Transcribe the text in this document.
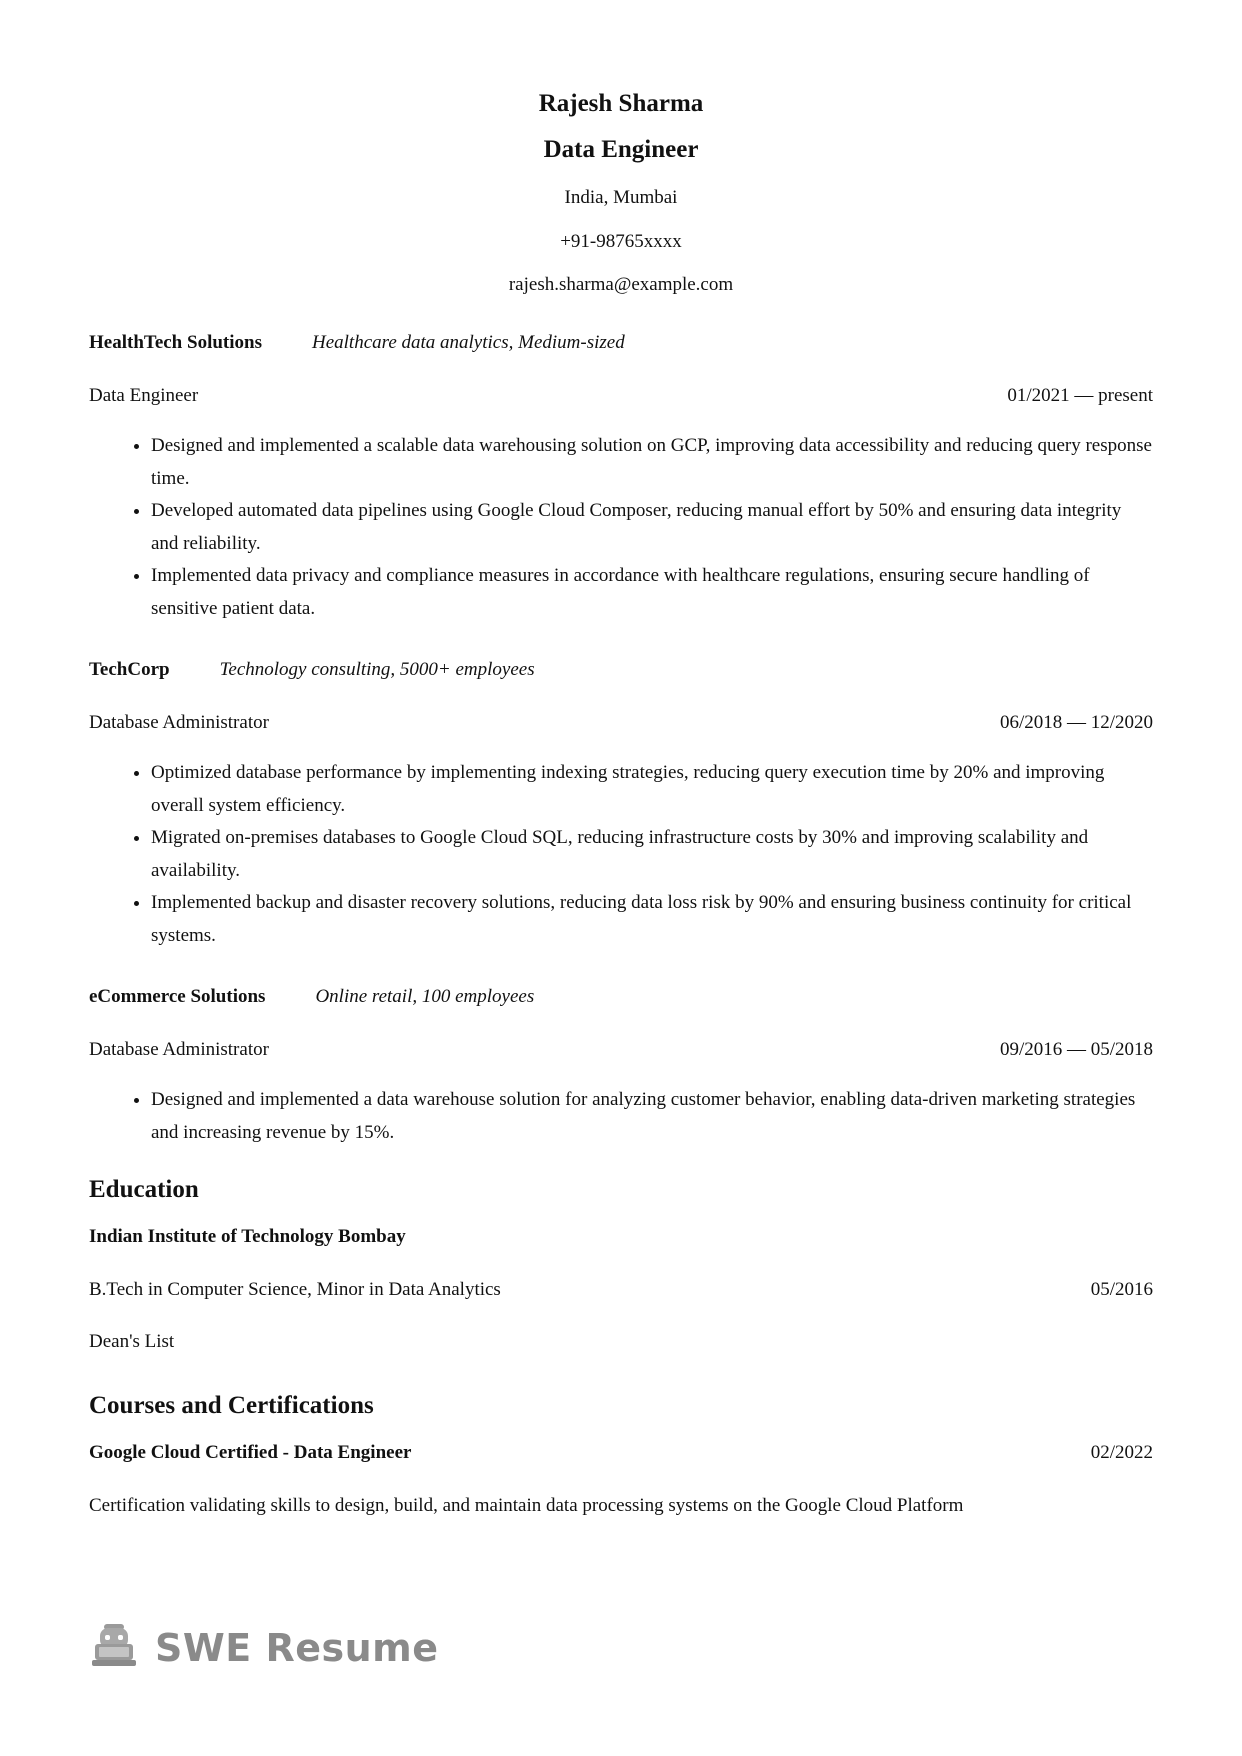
Rajesh Sharma

Data Engineer

India, Mumbai

+91-98765xxxx

rajesh.sharma@example.com

HealthTech Solutions	Healthcare data analytics, Medium-sized
Data Engineer	01/2021 — present
• Designed and implemented a scalable data warehousing solution on GCP, improving data accessibility and reducing query response time.
• Developed automated data pipelines using Google Cloud Composer, reducing manual effort by 50% and ensuring data integrity and reliability.
• Implemented data privacy and compliance measures in accordance with healthcare regulations, ensuring secure handling of sensitive patient data.
TechCorp	Technology consulting, 5000+ employees
Database Administrator	06/2018 — 12/2020
• Optimized database performance by implementing indexing strategies, reducing query execution time by 20% and improving overall system efficiency.
• Migrated on-premises databases to Google Cloud SQL, reducing infrastructure costs by 30% and improving scalability and availability.
• Implemented backup and disaster recovery solutions, reducing data loss risk by 90% and ensuring business continuity for critical systems.
eCommerce Solutions	Online retail, 100 employees
Database Administrator	09/2016 — 05/2018
• Designed and implemented a data warehouse solution for analyzing customer behavior, enabling data-driven marketing strategies and increasing revenue by 15%.
Education
Indian Institute of Technology Bombay
B.Tech in Computer Science, Minor in Data Analytics	05/2016
Dean's List
Courses and Certifications
Google Cloud Certified - Data Engineer	02/2022
Certification validating skills to design, build, and maintain data processing systems on the Google Cloud Platform
SWE Resume
